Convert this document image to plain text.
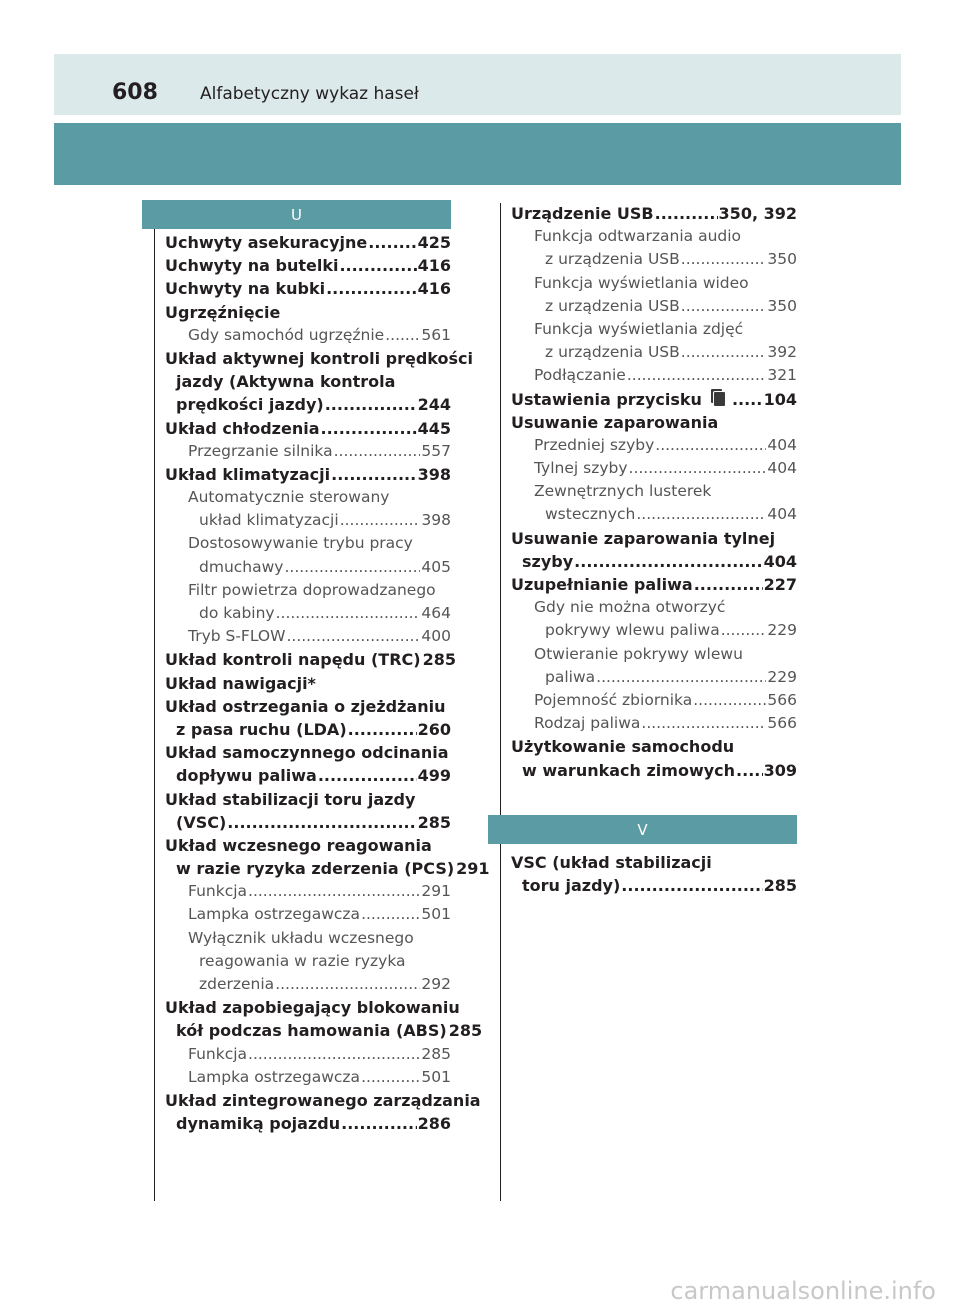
608 Alfabetyczny wykaz haseł
U
Uchwyty asekuracyjne .....	425
Uchwyty na butelki .....	416
Uchwyty na kubki .....	416
Ugrzęźnięcie
Gdy samochód ugrzęźnie ..... 561
Układ aktywnej kontroli prędkości
jazdy (Aktywna kontrola
prędkości jazdy) .....	244
Układ chłodzenia .....	445
Przegrzanie silnika .....	557
Układ klimatyzacji .....	398
Automatycznie sterowany
układ klimatyzacji .....	398
Dostosowywanie trybu pracy
dmuchawy .....	405
Filtr powietrza doprowadzanego
do kabiny .....	464
Tryb S-FLOW .....	400
Układ kontroli napędu (TRC) 285
Układ nawigacji*
Układ ostrzegania o zjeżdżaniu
z pasa ruchu (LDA) .....	260
Układ samoczynnego odcinania
dopływu paliwa .....	499
Układ stabilizacji toru jazdy
(VSC) .....	285
Układ wczesnego reagowania
w razie ryzyka zderzenia (PCS) 291
Funkcja .....	291
Lampka ostrzegawcza .....	501
Wyłącznik układu wczesnego
reagowania w razie ryzyka
zderzenia .....	292
Układ zapobiegający blokowaniu
kół podczas hamowania (ABS) 285
Funkcja .....	285
Lampka ostrzegawcza .....	501
Układ zintegrowanego zarządzania
dynamiką pojazdu .....	286
Urządzenie USB .....	350, 392
Funkcja odtwarzania audio
z urządzenia USB .....	350
Funkcja wyświetlania wideo
z urządzenia USB .....	350
Funkcja wyświetlania zdjęć
z urządzenia USB .....	392
Podłączanie .....	321
Ustawienia przycisku .....	104
Usuwanie zaparowania
Przedniej szyby .....	404
Tylnej szyby .....	404
Zewnętrznych lusterek
wstecznych .....	404
Usuwanie zaparowania tylnej
szyby .....	404
Uzupełnianie paliwa .....	227
Gdy nie można otworzyć
pokrywy wlewu paliwa .....	229
Otwieranie pokrywy wlewu
paliwa .....	229
Pojemność zbiornika .....	566
Rodzaj paliwa .....	566
Użytkowanie samochodu
w warunkach zimowych ..... 309
V
VSC (układ stabilizacji
toru jazdy) .....	285
carmanualsonline.info
